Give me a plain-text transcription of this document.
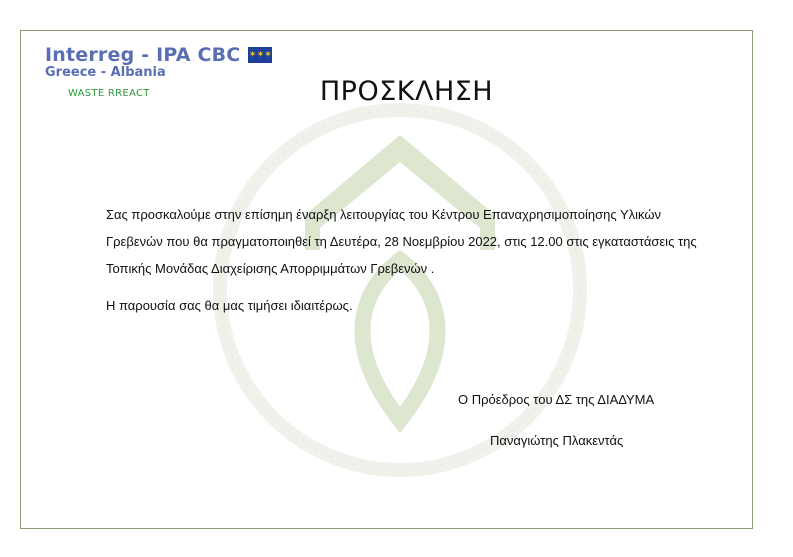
Interreg - IPA CBC ✶✶✶
Greece - Albania
WASTE RREACT	ΠΡΟΣΚΛΗΣΗ

Σας προσκαλούμε στην επίσημη έναρξη λειτουργίας του Κέντρου Επαναχρησιμοποίησης Υλικών Γρεβενών που θα πραγματοποιηθεί τη Δευτέρα, 28 Νοεμβρίου 2022, στις 12.00 στις εγκαταστάσεις της Τοπικής Μονάδας Διαχείρισης Απορριμμάτων Γρεβενών .

Η παρουσία σας θα μας τιμήσει ιδιαιτέρως.

Ο Πρόεδρος του ΔΣ της ΔΙΑΔΥΜΑ
Παναγιώτης Πλακεντάς
